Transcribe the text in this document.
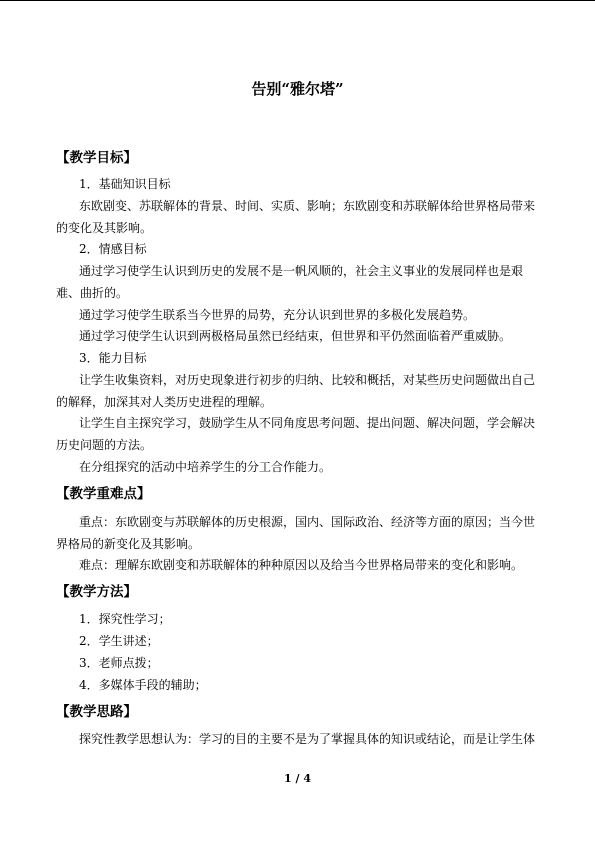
告别“雅尔塔”
【教学目标】
1．基础知识目标
东欧剧变、苏联解体的背景、时间、实质、影响；东欧剧变和苏联解体给世界格局带来
的变化及其影响。
2．情感目标
通过学习使学生认识到历史的发展不是一帆风顺的，社会主义事业的发展同样也是艰
难、曲折的。
通过学习使学生联系当今世界的局势，充分认识到世界的多极化发展趋势。
通过学习使学生认识到两极格局虽然已经结束，但世界和平仍然面临着严重威胁。
3．能力目标
让学生收集资料，对历史现象进行初步的归纳、比较和概括，对某些历史问题做出自己
的解释，加深其对人类历史进程的理解。
让学生自主探究学习，鼓励学生从不同角度思考问题、提出问题、解决问题，学会解决
历史问题的方法。
在分组探究的活动中培养学生的分工合作能力。
【教学重难点】
重点：东欧剧变与苏联解体的历史根源，国内、国际政治、经济等方面的原因；当今世
界格局的新变化及其影响。
难点：理解东欧剧变和苏联解体的种种原因以及给当今世界格局带来的变化和影响。
【教学方法】
1．探究性学习；
2．学生讲述；
3．老师点拨；
4．多媒体手段的辅助；
【教学思路】
探究性教学思想认为：学习的目的主要不是为了掌握具体的知识或结论，而是让学生体
1 / 4
